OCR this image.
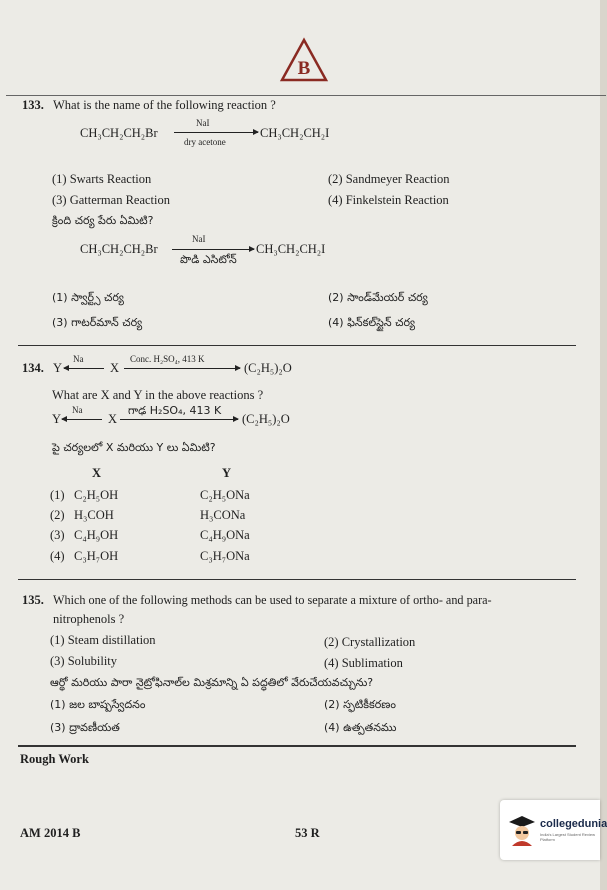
B
133. What is the name of the following reaction ?
CH₃CH₂CH₂Br
NaI
dry acetone
CH₃CH₂CH₂I
(1) Swarts Reaction	(2) Sandmeyer Reaction
(3) Gatterman Reaction	(4) Finkelstein Reaction
క్రింది చర్య పేరు ఏమిటి?
CH₃CH₂CH₂Br
NaI
పొడి ఎసిటోన్
CH₃CH₂CH₂I
(1) స్వార్ట్స్ చర్య	(2) సాండ్‌మేయర్ చర్య
(3) గాటర్‌మాన్ చర్య	(4) ఫిన్‌కల్‌స్టైన్ చర్య
134. Y
Na
X
Conc. H₂SO₄, 413 K
(C₂H₅)₂O
What are X and Y in the above reactions ?
Y
Na
X
గాఢ H₂SO₄, 413 K
(C₂H₅)₂O
పై చర్యలలో X మరియు Y లు ఏమిటి?
X	Y
(1) C₂H₅OH	C₂H₅ONa
(2) H₃COH	H₃CONa
(3) C₄H₉OH	C₄H₉ONa
(4) C₃H₇OH	C₃H₇ONa
135. Which one of the following methods can be used to separate a mixture of ortho- and para-
nitrophenols ?
(1) Steam distillation	(2) Crystallization
(3) Solubility	(4) Sublimation
ఆర్థో మరియు పారా నైట్రోఫినాల్‌ల మిశ్రమాన్ని ఏ పద్ధతిలో వేరుచేయవచ్చును?
(1) జల బాష్పస్వేదనం	(2) స్ఫటికీకరణం
(3) ద్రావణీయత	(4) ఉత్పతనము
Rough Work
AM 2014 B	53 R
collegedunia
India's Largest Student Review Platform
